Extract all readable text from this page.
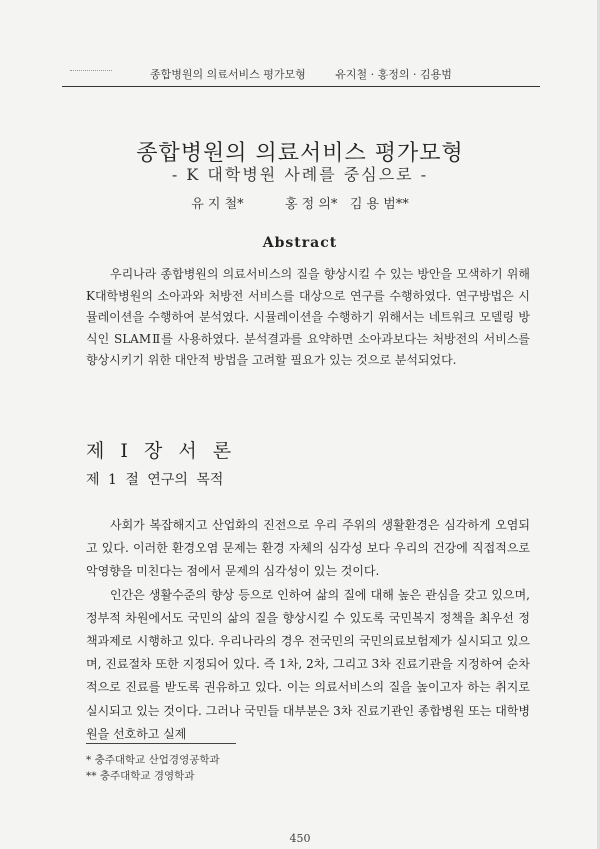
종합병원의 의료서비스 평가모형	유지철 · 홍정의 · 김용범
종합병원의 의료서비스 평가모형
- K 대학병원 사례를 중심으로 -
유 지 철*	홍 정 의* 김 용 범**
Abstract

우리나라 종합병원의 의료서비스의 질을 향상시킬 수 있는 방안을 모색하기 위해 K대학병원의 소아과와 처방전 서비스를 대상으로 연구를 수행하였다. 연구방법은 시뮬레이션을 수행하여 분석였다. 시뮬레이션을 수행하기 위해서는 네트워크 모델링 방식인 SLAMⅡ를 사용하였다. 분석결과를 요약하면 소아과보다는 처방전의 서비스를 향상시키기 위한 대안적 방법을 고려할 필요가 있는 것으로 분석되었다.

제 I 장 서 론
제 1 절 연구의 목적

사회가 복잡해지고 산업화의 진전으로 우리 주위의 생활환경은 심각하게 오염되고 있다. 이러한 환경오염 문제는 환경 자체의 심각성 보다 우리의 건강에 직접적으로 악영향을 미친다는 점에서 문제의 심각성이 있는 것이다.

인간은 생활수준의 향상 등으로 인하여 삶의 질에 대해 높은 관심을 갖고 있으며, 정부적 차원에서도 국민의 삶의 질을 향상시킬 수 있도록 국민복지 정책을 최우선 정책과제로 시행하고 있다. 우리나라의 경우 전국민의 국민의료보험제가 실시되고 있으며, 진료절차 또한 지정되어 있다. 즉 1차, 2차, 그리고 3차 진료기관을 지정하여 순차적으로 진료를 받도록 권유하고 있다. 이는 의료서비스의 질을 높이고자 하는 취지로 실시되고 있는 것이다. 그러나 국민들 대부분은 3차 진료기관인 종합병원 또는 대학병원을 선호하고 실제

* 충주대학교 산업경영공학과
** 충주대학교 경영학과
450
